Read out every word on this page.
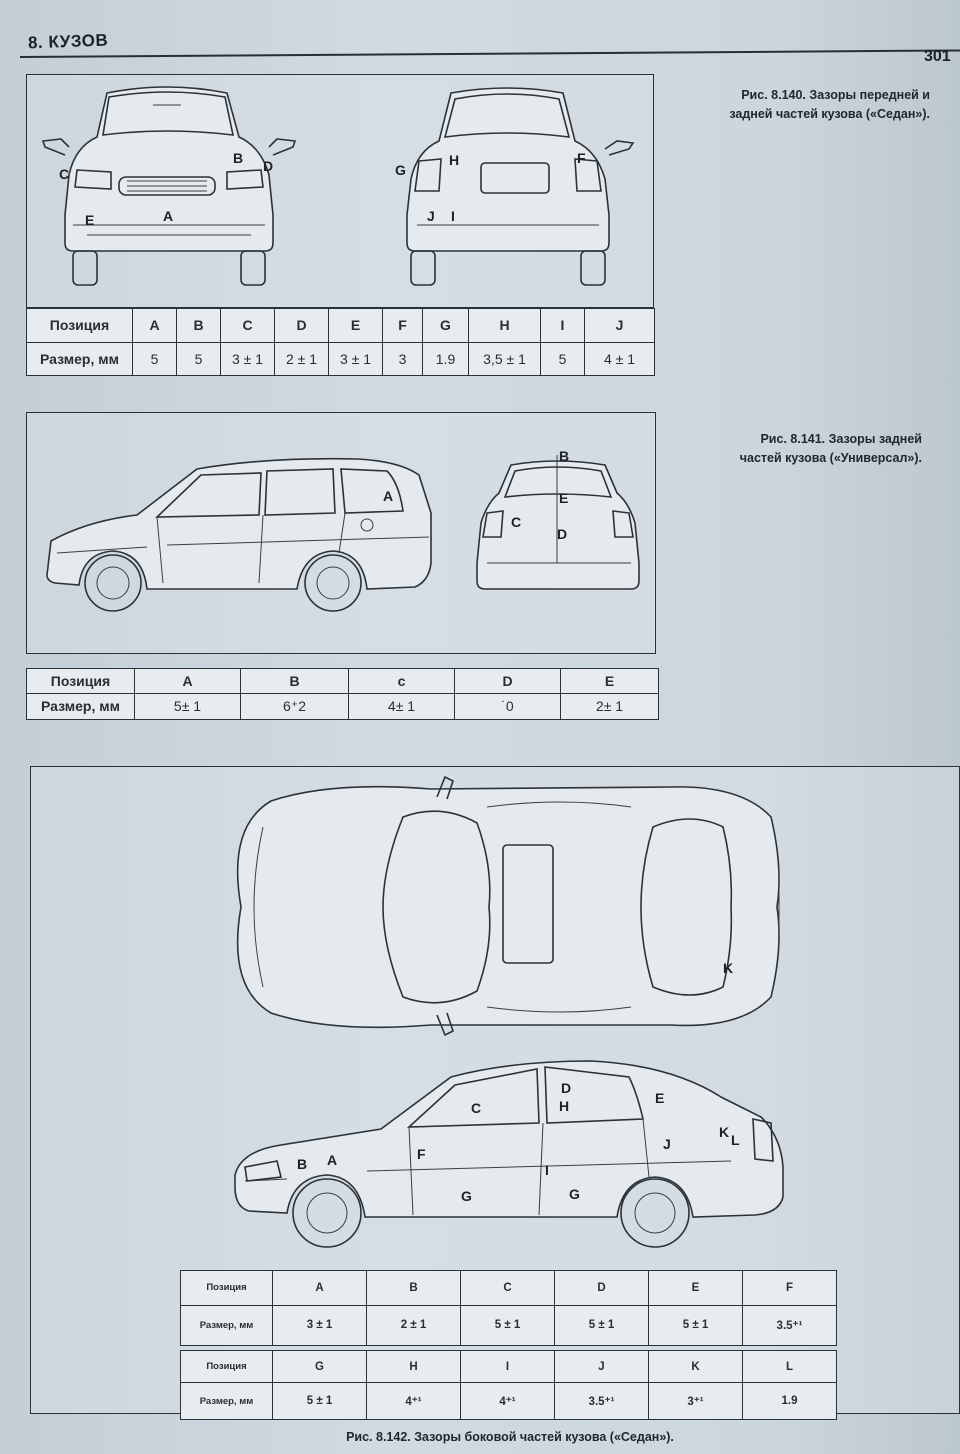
8. КУЗОВ
301
A
B
C	D
E
F
G
H
I
J
Рис. 8.140. Зазоры передней и
задней частей кузова («Седан»).
Позиция	A	B	C	D	E	F	G	H	I	J
Размер, мм	5	5	3 ± 1	2 ± 1	3 ± 1	3	1.9	3,5 ± 1	5	4 ± 1
A
B
C
D
E
Рис. 8.141. Зазоры задней
частей кузова («Универсал»).
Позиция	A	B	c	D	E
Размер, мм	5± 1	6⁺2	4± 1	˙0	2± 1
K
A
B
C
D
E
F
G	G
H
I
J
K L
Позиция	A	B	C	D	E	F
Размер, мм	3 ± 1	2 ± 1	5 ± 1	5 ± 1	5 ± 1	3.5⁺¹
Позиция	G	H	I	J	K	L
Размер, мм	5 ± 1	4⁺¹	4⁺¹	3.5⁺¹	3⁺¹	1.9
Рис. 8.142. Зазоры боковой частей кузова («Седан»).
